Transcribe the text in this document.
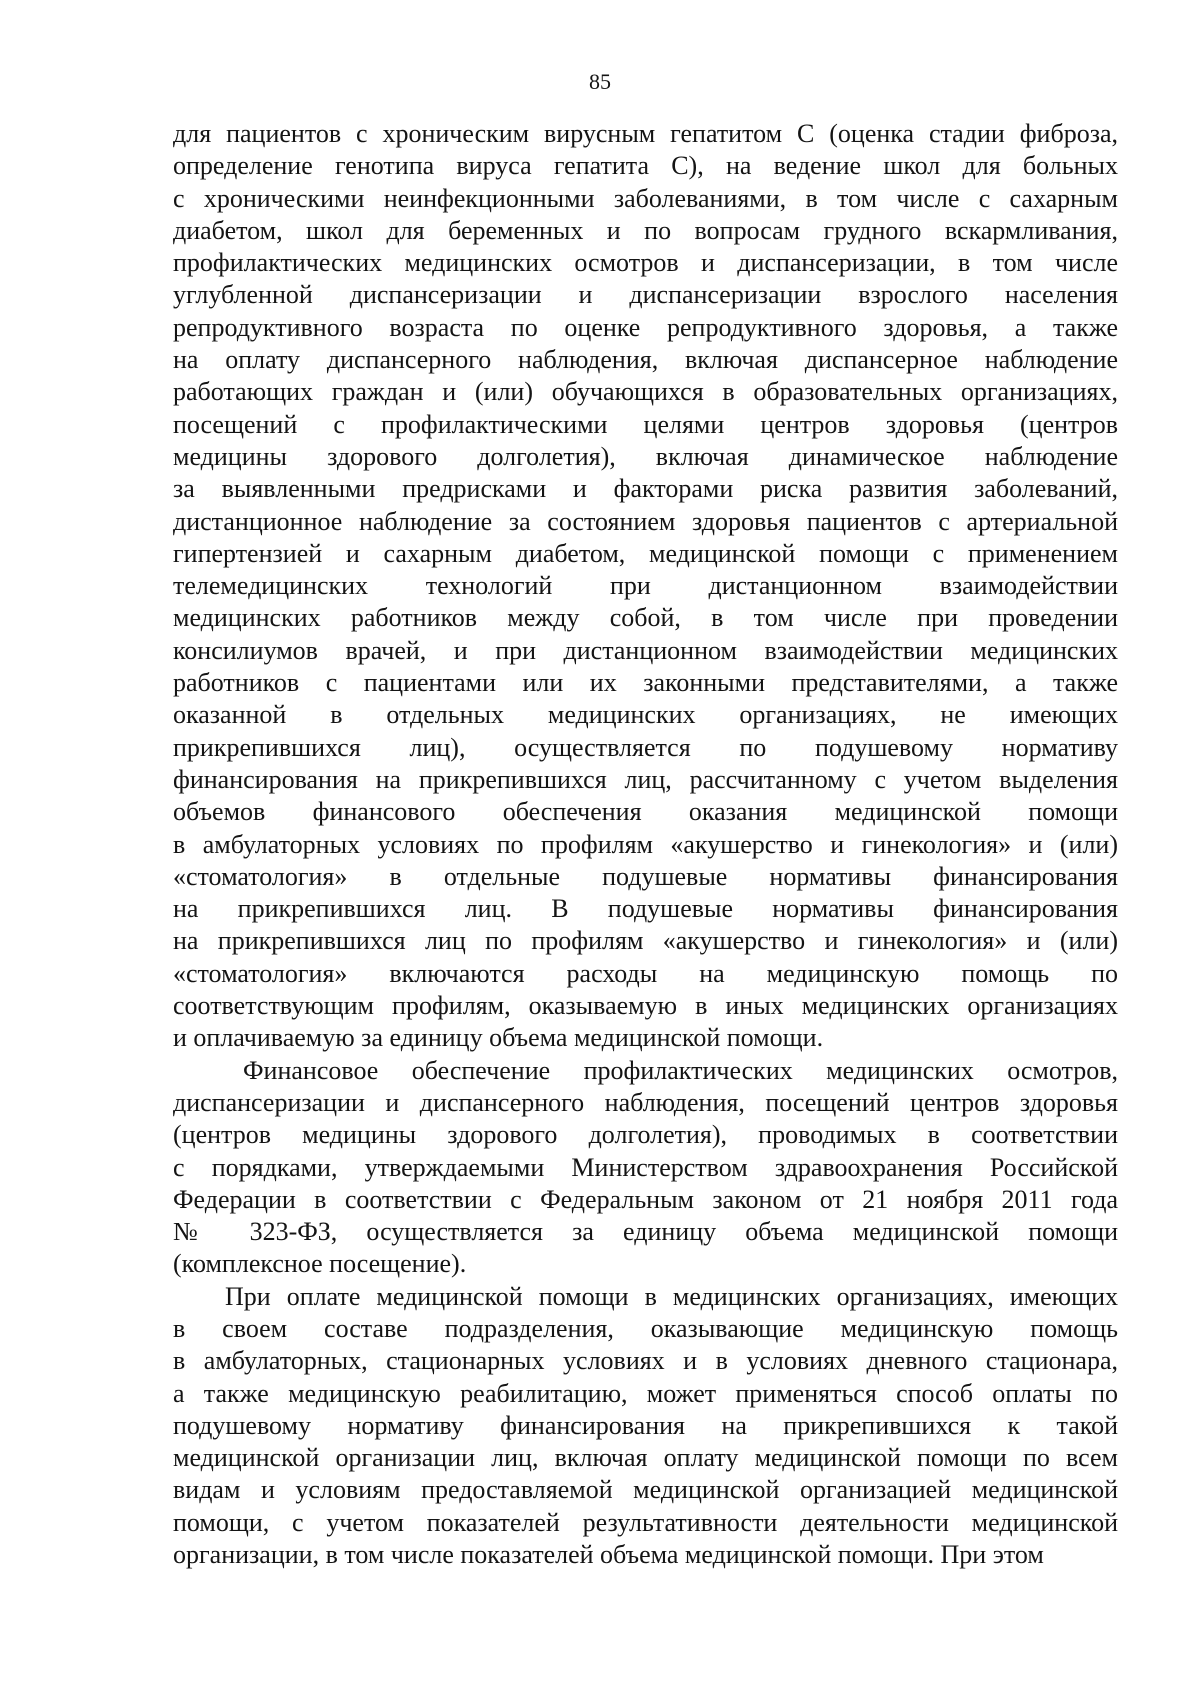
85
для пациентов с хроническим вирусным гепатитом С (оценка стадии фиброза,
определение генотипа вируса гепатита С), на ведение школ для больных
с хроническими неинфекционными заболеваниями, в том числе с сахарным
диабетом, школ для беременных и по вопросам грудного вскармливания,
профилактических медицинских осмотров и диспансеризации, в том числе
углубленной диспансеризации и диспансеризации взрослого населения
репродуктивного возраста по оценке репродуктивного здоровья, а также
на оплату диспансерного наблюдения, включая диспансерное наблюдение
работающих граждан и (или) обучающихся в образовательных организациях,
посещений с профилактическими целями центров здоровья (центров
медицины здорового долголетия), включая динамическое наблюдение
за выявленными предрисками и факторами риска развития заболеваний,
дистанционное наблюдение за состоянием здоровья пациентов с артериальной
гипертензией и сахарным диабетом, медицинской помощи с применением
телемедицинских технологий при дистанционном взаимодействии
медицинских работников между собой, в том числе при проведении
консилиумов врачей, и при дистанционном взаимодействии медицинских
работников с пациентами или их законными представителями, а также
оказанной в отдельных медицинских организациях, не имеющих
прикрепившихся лиц), осуществляется по подушевому нормативу
финансирования на прикрепившихся лиц, рассчитанному с учетом выделения
объемов финансового обеспечения оказания медицинской помощи
в амбулаторных условиях по профилям «акушерство и гинекология» и (или)
«стоматология» в отдельные подушевые нормативы финансирования
на прикрепившихся лиц. В подушевые нормативы финансирования
на прикрепившихся лиц по профилям «акушерство и гинекология» и (или)
«стоматология» включаются расходы на медицинскую помощь по
соответствующим профилям, оказываемую в иных медицинских организациях
и оплачиваемую за единицу объема медицинской помощи.
Финансовое обеспечение профилактических медицинских осмотров,
диспансеризации и диспансерного наблюдения, посещений центров здоровья
(центров медицины здорового долголетия), проводимых в соответствии
с порядками, утверждаемыми Министерством здравоохранения Российской
Федерации в соответствии с Федеральным законом от 21 ноября 2011 года
№ 323-ФЗ, осуществляется за единицу объема медицинской помощи
(комплексное посещение).
При оплате медицинской помощи в медицинских организациях, имеющих
в своем составе подразделения, оказывающие медицинскую помощь
в амбулаторных, стационарных условиях и в условиях дневного стационара,
а также медицинскую реабилитацию, может применяться способ оплаты по
подушевому нормативу финансирования на прикрепившихся к такой
медицинской организации лиц, включая оплату медицинской помощи по всем
видам и условиям предоставляемой медицинской организацией медицинской
помощи, с учетом показателей результативности деятельности медицинской
организации, в том числе показателей объема медицинской помощи. При этом
